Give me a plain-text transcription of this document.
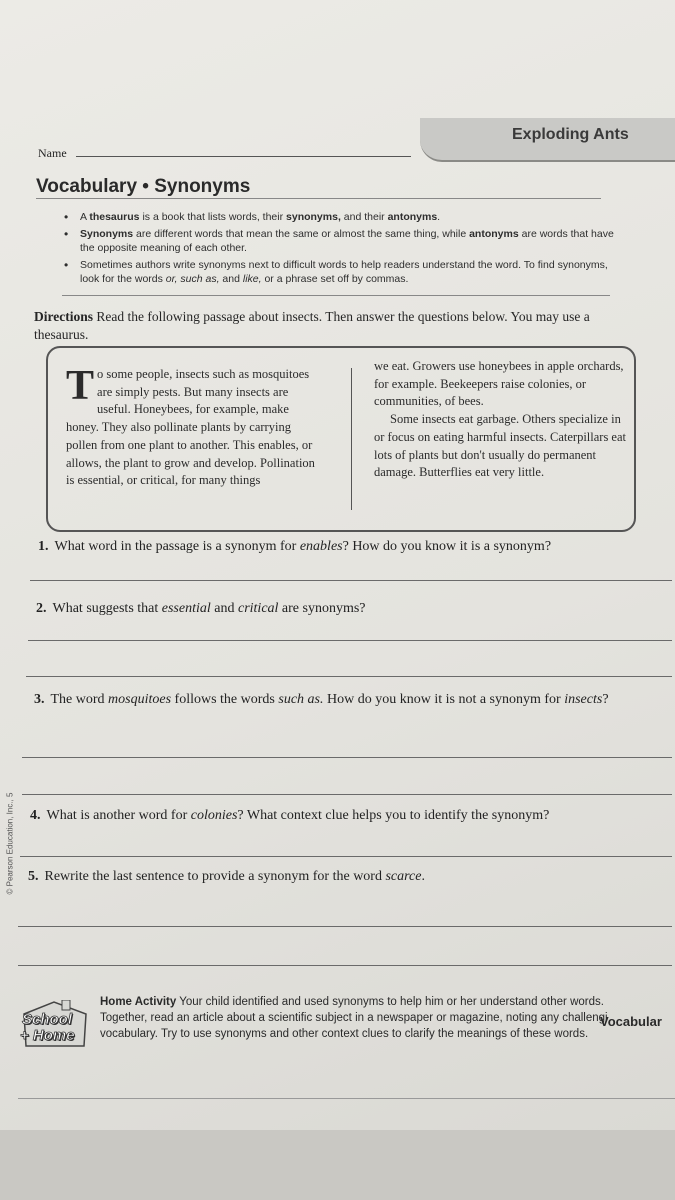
Name
Exploding Ants
Vocabulary • Synonyms
• A thesaurus is a book that lists words, their synonyms, and their antonyms.
• Synonyms are different words that mean the same or almost the same thing, while antonyms are words that have the opposite meaning of each other.
• Sometimes authors write synonyms next to difficult words to help readers understand the word. To find synonyms, look for the words or, such as, and like, or a phrase set off by commas.
Directions Read the following passage about insects. Then answer the questions below. You may use a thesaurus.
To some people, insects such as mosquitoes are simply pests. But many insects are useful. Honeybees, for example, make honey. They also pollinate plants by carrying pollen from one plant to another. This enables, or allows, the plant to grow and develop. Pollination is essential, or critical, for many things
we eat. Growers use honeybees in apple orchards, for example. Beekeepers raise colonies, or communities, of bees.
Some insects eat garbage. Others specialize in or focus on eating harmful insects. Caterpillars eat lots of plants but don't usually do permanent damage. Butterflies eat very little.
1. What word in the passage is a synonym for enables? How do you know it is a synonym?
2. What suggests that essential and critical are synonyms?
3. The word mosquitoes follows the words such as. How do you know it is not a synonym for insects?
4. What is another word for colonies? What context clue helps you to identify the synonym?
5. Rewrite the last sentence to provide a synonym for the word scarce.
© Pearson Education, Inc., 5
School
+ Home
Home Activity Your child identified and used synonyms to help him or her understand other words.
Together, read an article about a scientific subject in a newspaper or magazine, noting any challengi
vocabulary. Try to use synonyms and other context clues to clarify the meanings of these words.
Vocabular
